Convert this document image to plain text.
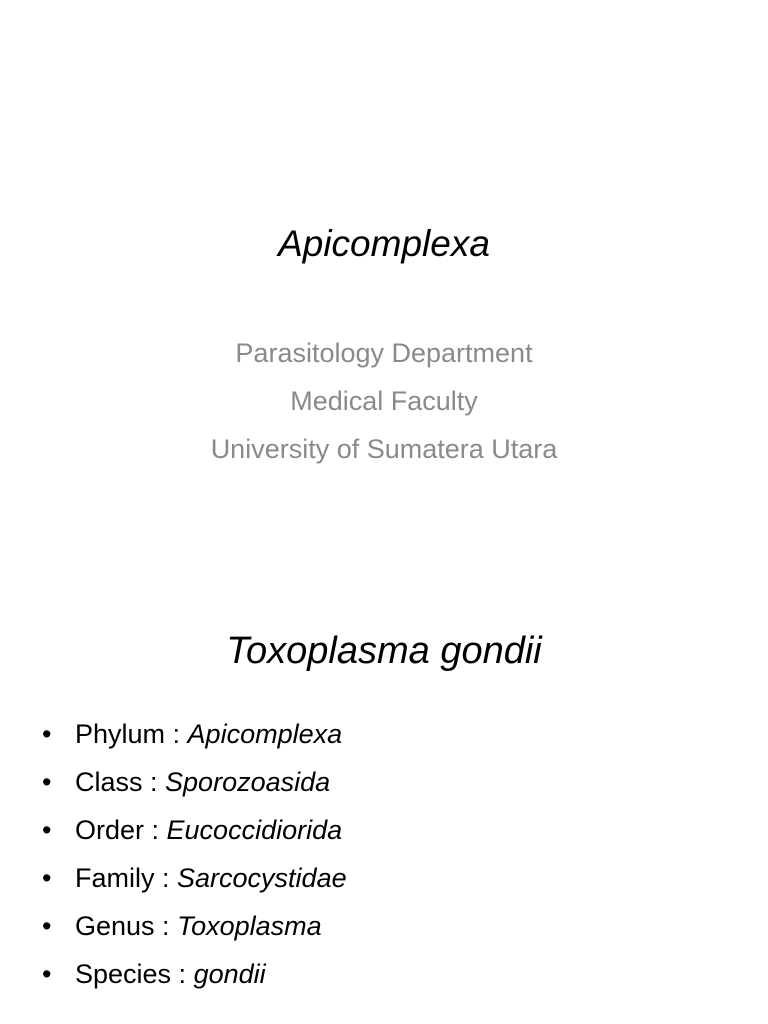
Apicomplexa
Parasitology Department
Medical Faculty
University of Sumatera Utara
Toxoplasma gondii
• Phylum : Apicomplexa
• Class : Sporozoasida
• Order : Eucoccidiorida
• Family : Sarcocystidae
• Genus : Toxoplasma
• Species : gondii
